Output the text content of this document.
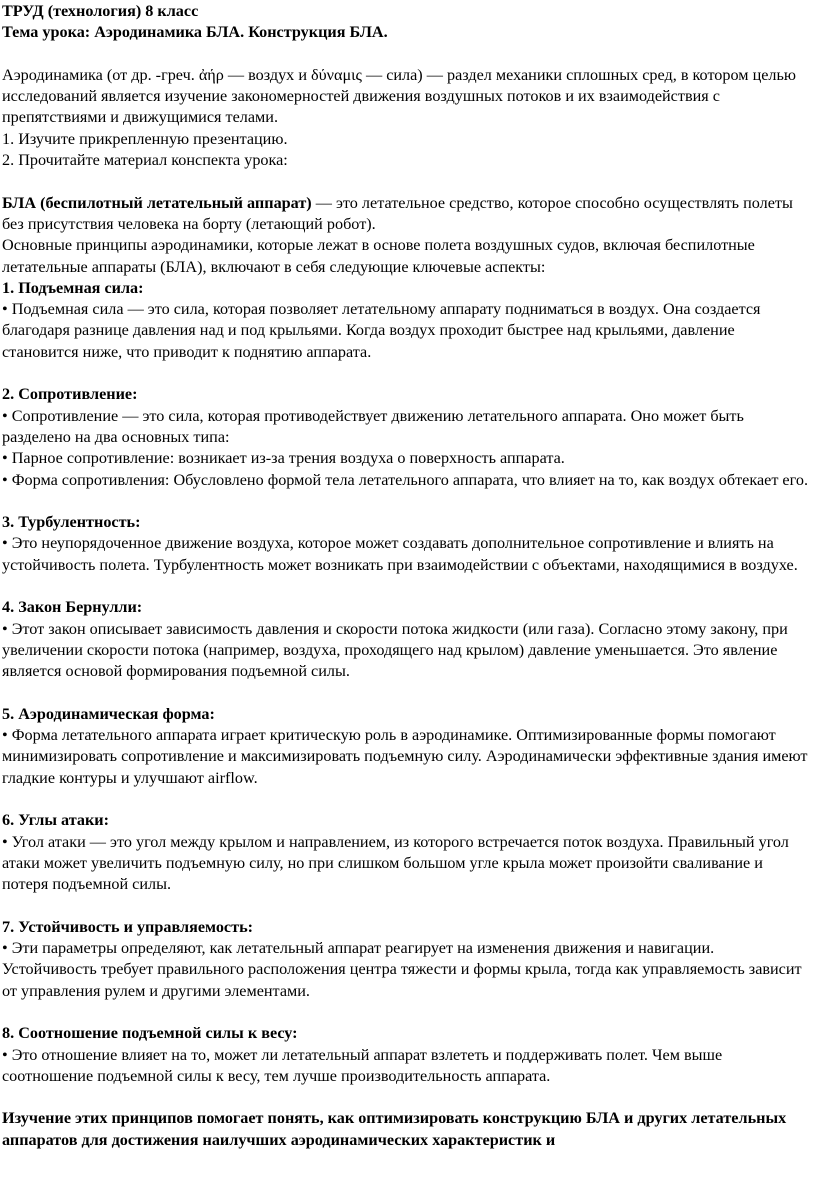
ТРУД (технология) 8 класс
Тема урока: Аэродинамика БЛА. Конструкция БЛА.
Аэродинамика (от др. -греч. ἀήρ — воздух и δύναμις — сила) — раздел механики сплошных сред, в котором целью исследований является изучение закономерностей движения воздушных потоков и их взаимодействия с препятствиями и движущимися телами.
1. Изучите прикрепленную презентацию.
2. Прочитайте материал конспекта урока:
БЛА (беспилотный летательный аппарат) — это летательное средство, которое способно осуществлять полеты без присутствия человека на борту (летающий робот).
Основные принципы аэродинамики, которые лежат в основе полета воздушных судов, включая беспилотные летательные аппараты (БЛА), включают в себя следующие ключевые аспекты:
1. Подъемная сила:
• Подъемная сила — это сила, которая позволяет летательному аппарату подниматься в воздух. Она создается благодаря разнице давления над и под крыльями. Когда воздух проходит быстрее над крыльями, давление становится ниже, что приводит к поднятию аппарата.
2. Сопротивление:
• Сопротивление — это сила, которая противодействует движению летательного аппарата. Оно может быть разделено на два основных типа:
• Парное сопротивление: возникает из-за трения воздуха о поверхность аппарата.
• Форма сопротивления: Обусловлено формой тела летательного аппарата, что влияет на то, как воздух обтекает его.
3. Турбулентность:
• Это неупорядоченное движение воздуха, которое может создавать дополнительное сопротивление и влиять на устойчивость полета. Турбулентность может возникать при взаимодействии с объектами, находящимися в воздухе.
4. Закон Бернулли:
• Этот закон описывает зависимость давления и скорости потока жидкости (или газа). Согласно этому закону, при увеличении скорости потока (например, воздуха, проходящего над крылом) давление уменьшается. Это явление является основой формирования подъемной силы.
5. Аэродинамическая форма:
• Форма летательного аппарата играет критическую роль в аэродинамике. Оптимизированные формы помогают минимизировать сопротивление и максимизировать подъемную силу. Аэродинамически эффективные здания имеют гладкие контуры и улучшают airflow.
6. Углы атаки:
• Угол атаки — это угол между крылом и направлением, из которого встречается поток воздуха. Правильный угол атаки может увеличить подъемную силу, но при слишком большом угле крыла может произойти сваливание и потеря подъемной силы.
7. Устойчивость и управляемость:
• Эти параметры определяют, как летательный аппарат реагирует на изменения движения и навигации. Устойчивость требует правильного расположения центра тяжести и формы крыла, тогда как управляемость зависит от управления рулем и другими элементами.
8. Соотношение подъемной силы к весу:
• Это отношение влияет на то, может ли летательный аппарат взлететь и поддерживать полет. Чем выше соотношение подъемной силы к весу, тем лучше производительность аппарата.
Изучение этих принципов помогает понять, как оптимизировать конструкцию БЛА и других летательных аппаратов для достижения наилучших аэродинамических характеристик и
